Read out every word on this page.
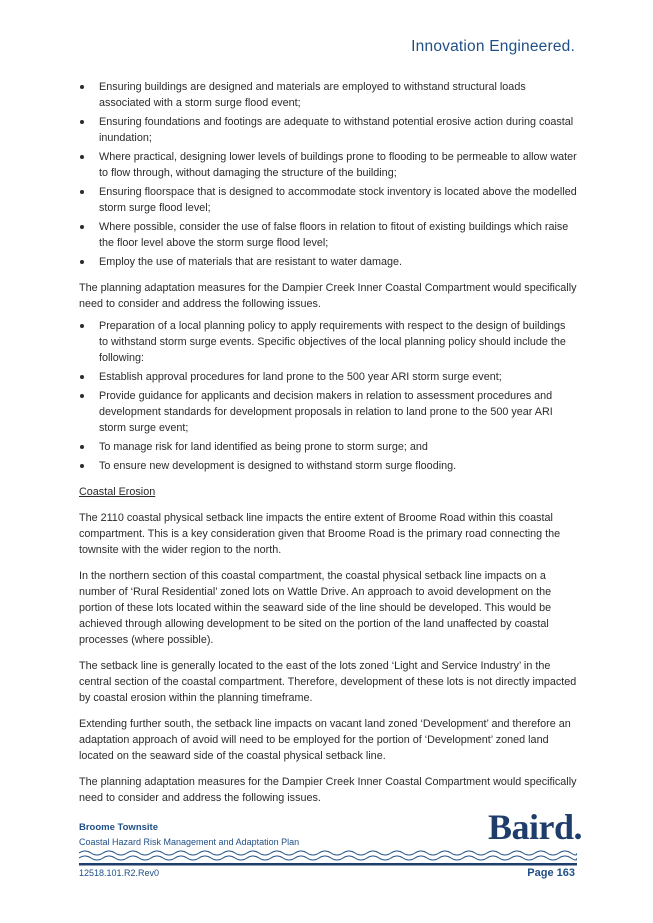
Innovation Engineered.
Ensuring buildings are designed and materials are employed to withstand structural loads associated with a storm surge flood event;
Ensuring foundations and footings are adequate to withstand potential erosive action during coastal inundation;
Where practical, designing lower levels of buildings prone to flooding to be permeable to allow water to flow through, without damaging the structure of the building;
Ensuring floorspace that is designed to accommodate stock inventory is located above the modelled storm surge flood level;
Where possible, consider the use of false floors in relation to fitout of existing buildings which raise the floor level above the storm surge flood level;
Employ the use of materials that are resistant to water damage.

The planning adaptation measures for the Dampier Creek Inner Coastal Compartment would specifically need to consider and address the following issues.

Preparation of a local planning policy to apply requirements with respect to the design of buildings to withstand storm surge events. Specific objectives of the local planning policy should include the following:
Establish approval procedures for land prone to the 500 year ARI storm surge event;
Provide guidance for applicants and decision makers in relation to assessment procedures and development standards for development proposals in relation to land prone to the 500 year ARI storm surge event;
To manage risk for land identified as being prone to storm surge; and
To ensure new development is designed to withstand storm surge flooding.

Coastal Erosion

The 2110 coastal physical setback line impacts the entire extent of Broome Road within this coastal compartment. This is a key consideration given that Broome Road is the primary road connecting the townsite with the wider region to the north.

In the northern section of this coastal compartment, the coastal physical setback line impacts on a number of ‘Rural Residential’ zoned lots on Wattle Drive. An approach to avoid development on the portion of these lots located within the seaward side of the line should be developed. This would be achieved through allowing development to be sited on the portion of the land unaffected by coastal processes (where possible).

The setback line is generally located to the east of the lots zoned ‘Light and Service Industry’ in the central section of the coastal compartment. Therefore, development of these lots is not directly impacted by coastal erosion within the planning timeframe.

Extending further south, the setback line impacts on vacant land zoned ‘Development’ and therefore an adaptation approach of avoid will need to be employed for the portion of ‘Development’ zoned land located on the seaward side of the coastal physical setback line.

The planning adaptation measures for the Dampier Creek Inner Coastal Compartment would specifically need to consider and address the following issues.

Broome Townsite
Coastal Hazard Risk Management and Adaptation Plan	Baird.
12518.101.R2.Rev0	Page 163
